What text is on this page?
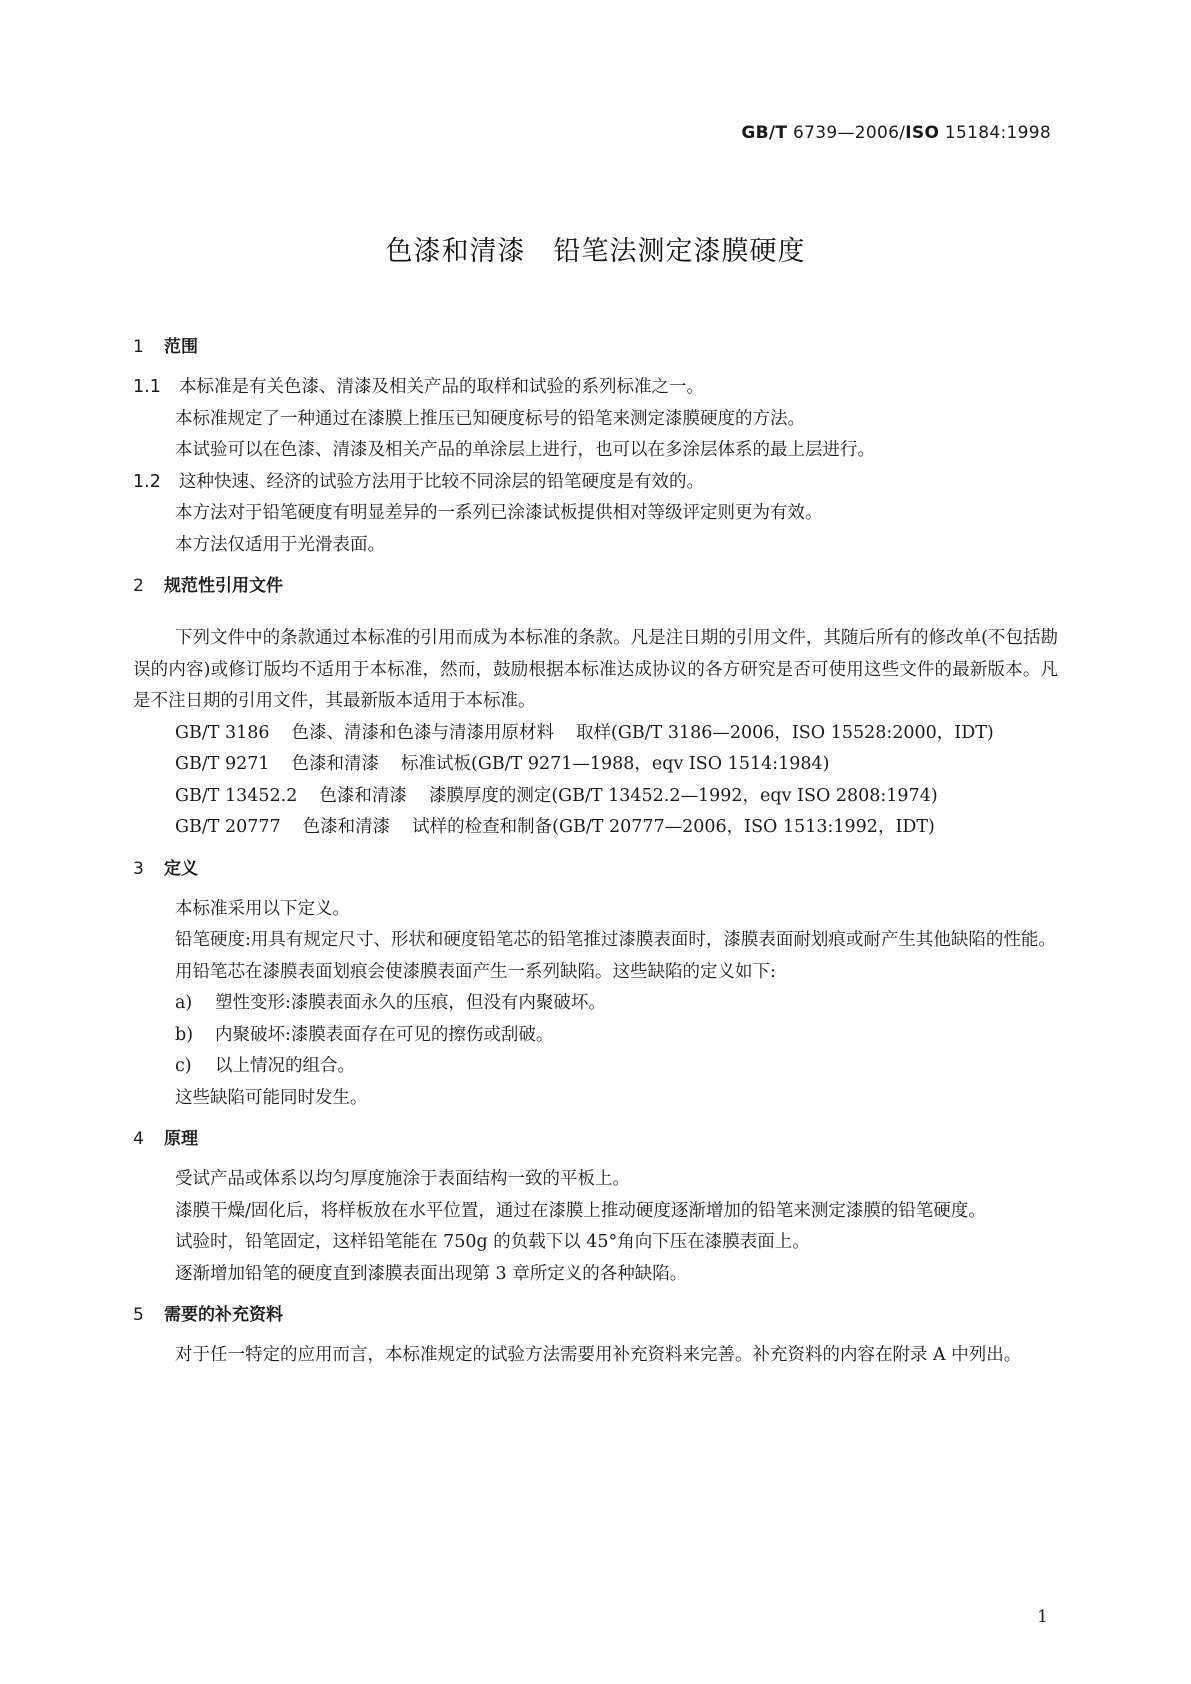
GB/T 6739—2006/ISO 15184:1998
色漆和清漆　铅笔法测定漆膜硬度
1 范围
1.1 本标准是有关色漆、清漆及相关产品的取样和试验的系列标准之一。
本标准规定了一种通过在漆膜上推压已知硬度标号的铅笔来测定漆膜硬度的方法。
本试验可以在色漆、清漆及相关产品的单涂层上进行，也可以在多涂层体系的最上层进行。
1.2 这种快速、经济的试验方法用于比较不同涂层的铅笔硬度是有效的。
本方法对于铅笔硬度有明显差异的一系列已涂漆试板提供相对等级评定则更为有效。
本方法仅适用于光滑表面。
2 规范性引用文件
下列文件中的条款通过本标准的引用而成为本标准的条款。凡是注日期的引用文件，其随后所有的修改单(不包括勘误的内容)或修订版均不适用于本标准，然而，鼓励根据本标准达成协议的各方研究是否可使用这些文件的最新版本。凡是不注日期的引用文件，其最新版本适用于本标准。
GB/T 3186 色漆、清漆和色漆与清漆用原材料 取样(GB/T 3186—2006，ISO 15528:2000，IDT)
GB/T 9271 色漆和清漆 标准试板(GB/T 9271—1988，eqv ISO 1514:1984)
GB/T 13452.2 色漆和清漆 漆膜厚度的测定(GB/T 13452.2—1992，eqv ISO 2808:1974)
GB/T 20777 色漆和清漆 试样的检查和制备(GB/T 20777—2006，ISO 1513:1992，IDT)
3 定义
本标准采用以下定义。
铅笔硬度:用具有规定尺寸、形状和硬度铅笔芯的铅笔推过漆膜表面时，漆膜表面耐划痕或耐产生其他缺陷的性能。
用铅笔芯在漆膜表面划痕会使漆膜表面产生一系列缺陷。这些缺陷的定义如下:
a) 塑性变形:漆膜表面永久的压痕，但没有内聚破坏。
b) 内聚破坏:漆膜表面存在可见的擦伤或刮破。
c) 以上情况的组合。
这些缺陷可能同时发生。
4 原理
受试产品或体系以均匀厚度施涂于表面结构一致的平板上。
漆膜干燥/固化后，将样板放在水平位置，通过在漆膜上推动硬度逐渐增加的铅笔来测定漆膜的铅笔硬度。
试验时，铅笔固定，这样铅笔能在 750g 的负载下以 45°角向下压在漆膜表面上。
逐渐增加铅笔的硬度直到漆膜表面出现第 3 章所定义的各种缺陷。
5 需要的补充资料
对于任一特定的应用而言，本标准规定的试验方法需要用补充资料来完善。补充资料的内容在附录 A 中列出。
1
